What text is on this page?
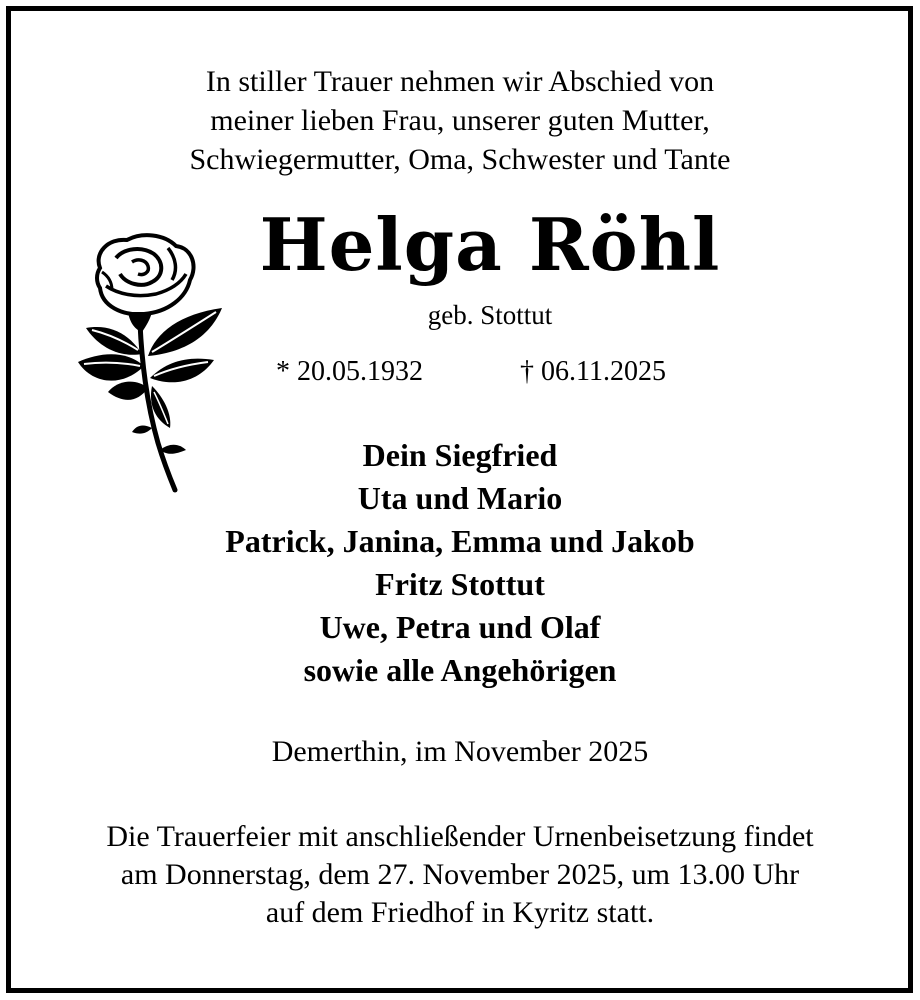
In stiller Trauer nehmen wir Abschied von
meiner lieben Frau, unserer guten Mutter,
Schwiegermutter, Oma, Schwester und Tante
Helga Röhl
geb. Stottut
* 20.05.1932	† 06.11.2025
Dein Siegfried
Uta und Mario
Patrick, Janina, Emma und Jakob
Fritz Stottut
Uwe, Petra und Olaf
sowie alle Angehörigen
Demerthin, im November 2025
Die Trauerfeier mit anschließender Urnenbeisetzung findet
am Donnerstag, dem 27. November 2025, um 13.00 Uhr
auf dem Friedhof in Kyritz statt.
